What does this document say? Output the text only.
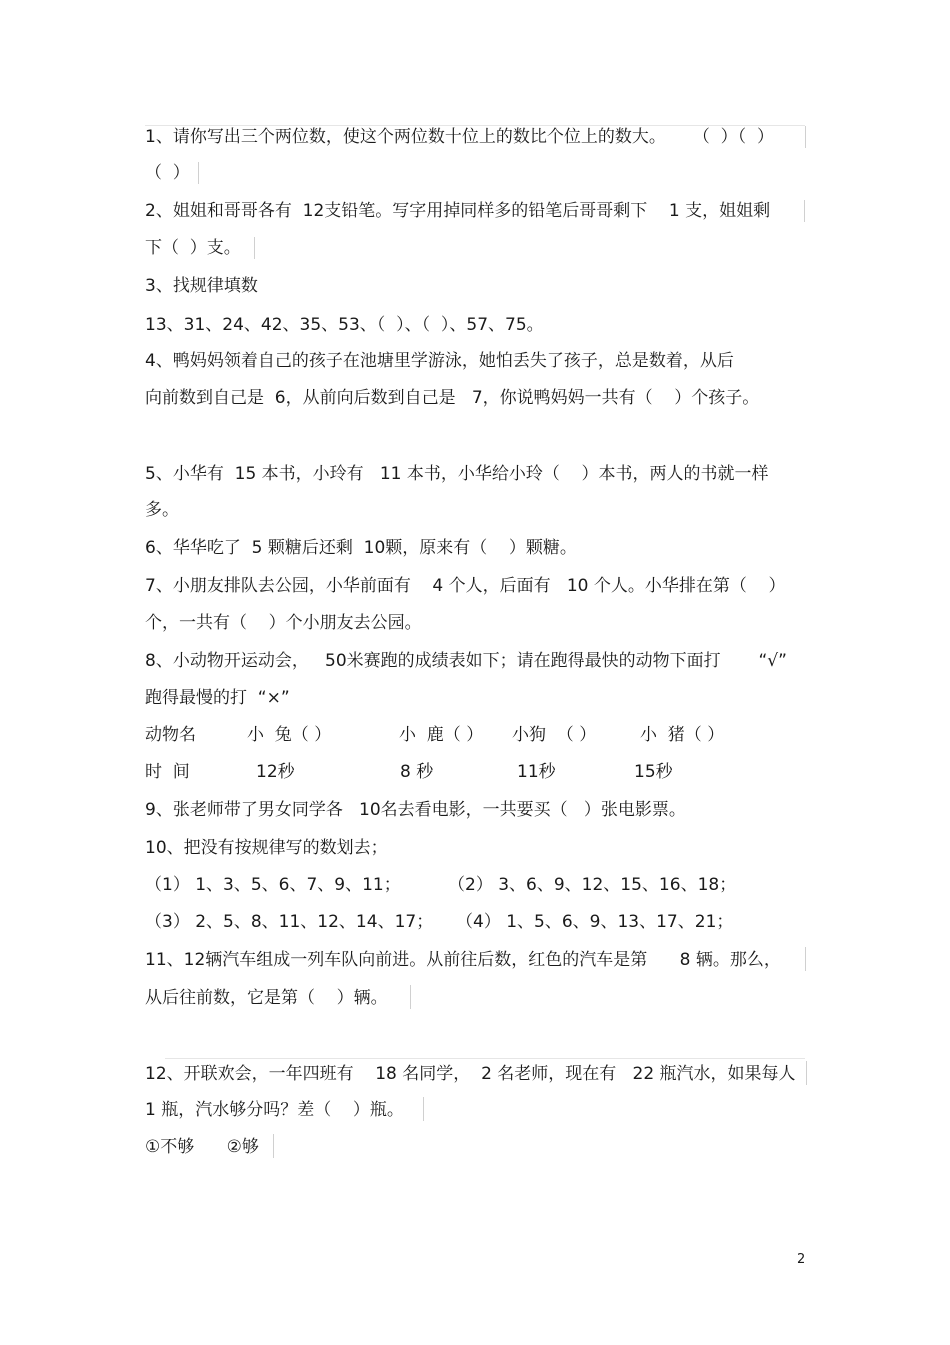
1、请你写出三个两位数，使这个两位数十位上的数比个位上的数大。     （  ）（  ）
（  ）
2、姐姐和哥哥各有  12支铅笔。写字用掉同样多的铅笔后哥哥剩下    1 支，姐姐剩
下（  ）支。
3、找规律填数
13、31、24、42、35、53、（  ）、（  ）、57、75。
4、鸭妈妈领着自己的孩子在池塘里学游泳，她怕丢失了孩子，总是数着，从后
向前数到自己是  6，从前向后数到自己是   7，你说鸭妈妈一共有（    ）个孩子。
5、小华有  15 本书，小玲有   11 本书，小华给小玲（    ）本书，两人的书就一样
多。
6、华华吃了  5 颗糖后还剩  10颗，原来有（    ）颗糖。
7、小朋友排队去公园，小华前面有    4 个人，后面有   10 个人。小华排在第（    ）
个，一共有（    ）个小朋友去公园。
8、小动物开运动会，   50米赛跑的成绩表如下；请在跑得最快的动物下面打       “√”
跑得最慢的打  “×”
动物名	小  兔（ ）	小  鹿（ ） 小狗  （ ）	小  猪（ ）
时  间	12秒	8 秒	11秒	15秒
9、张老师带了男女同学各   10名去看电影，一共要买（   ）张电影票。
10、把没有按规律写的数划去；
（1） 1、3、5、6、7、9、11；	（2） 3、6、9、12、15、16、18；
（3） 2、5、8、11、12、14、17； （4） 1、5、6、9、13、17、21；
11、12辆汽车组成一列车队向前进。从前往后数，红色的汽车是第      8 辆。那么，
从后往前数，它是第（    ）辆。
12、开联欢会，一年四班有    18 名同学，  2 名老师，现在有   22 瓶汽水，如果每人
1 瓶，汽水够分吗？差（    ）瓶。
①不够      ②够
2
